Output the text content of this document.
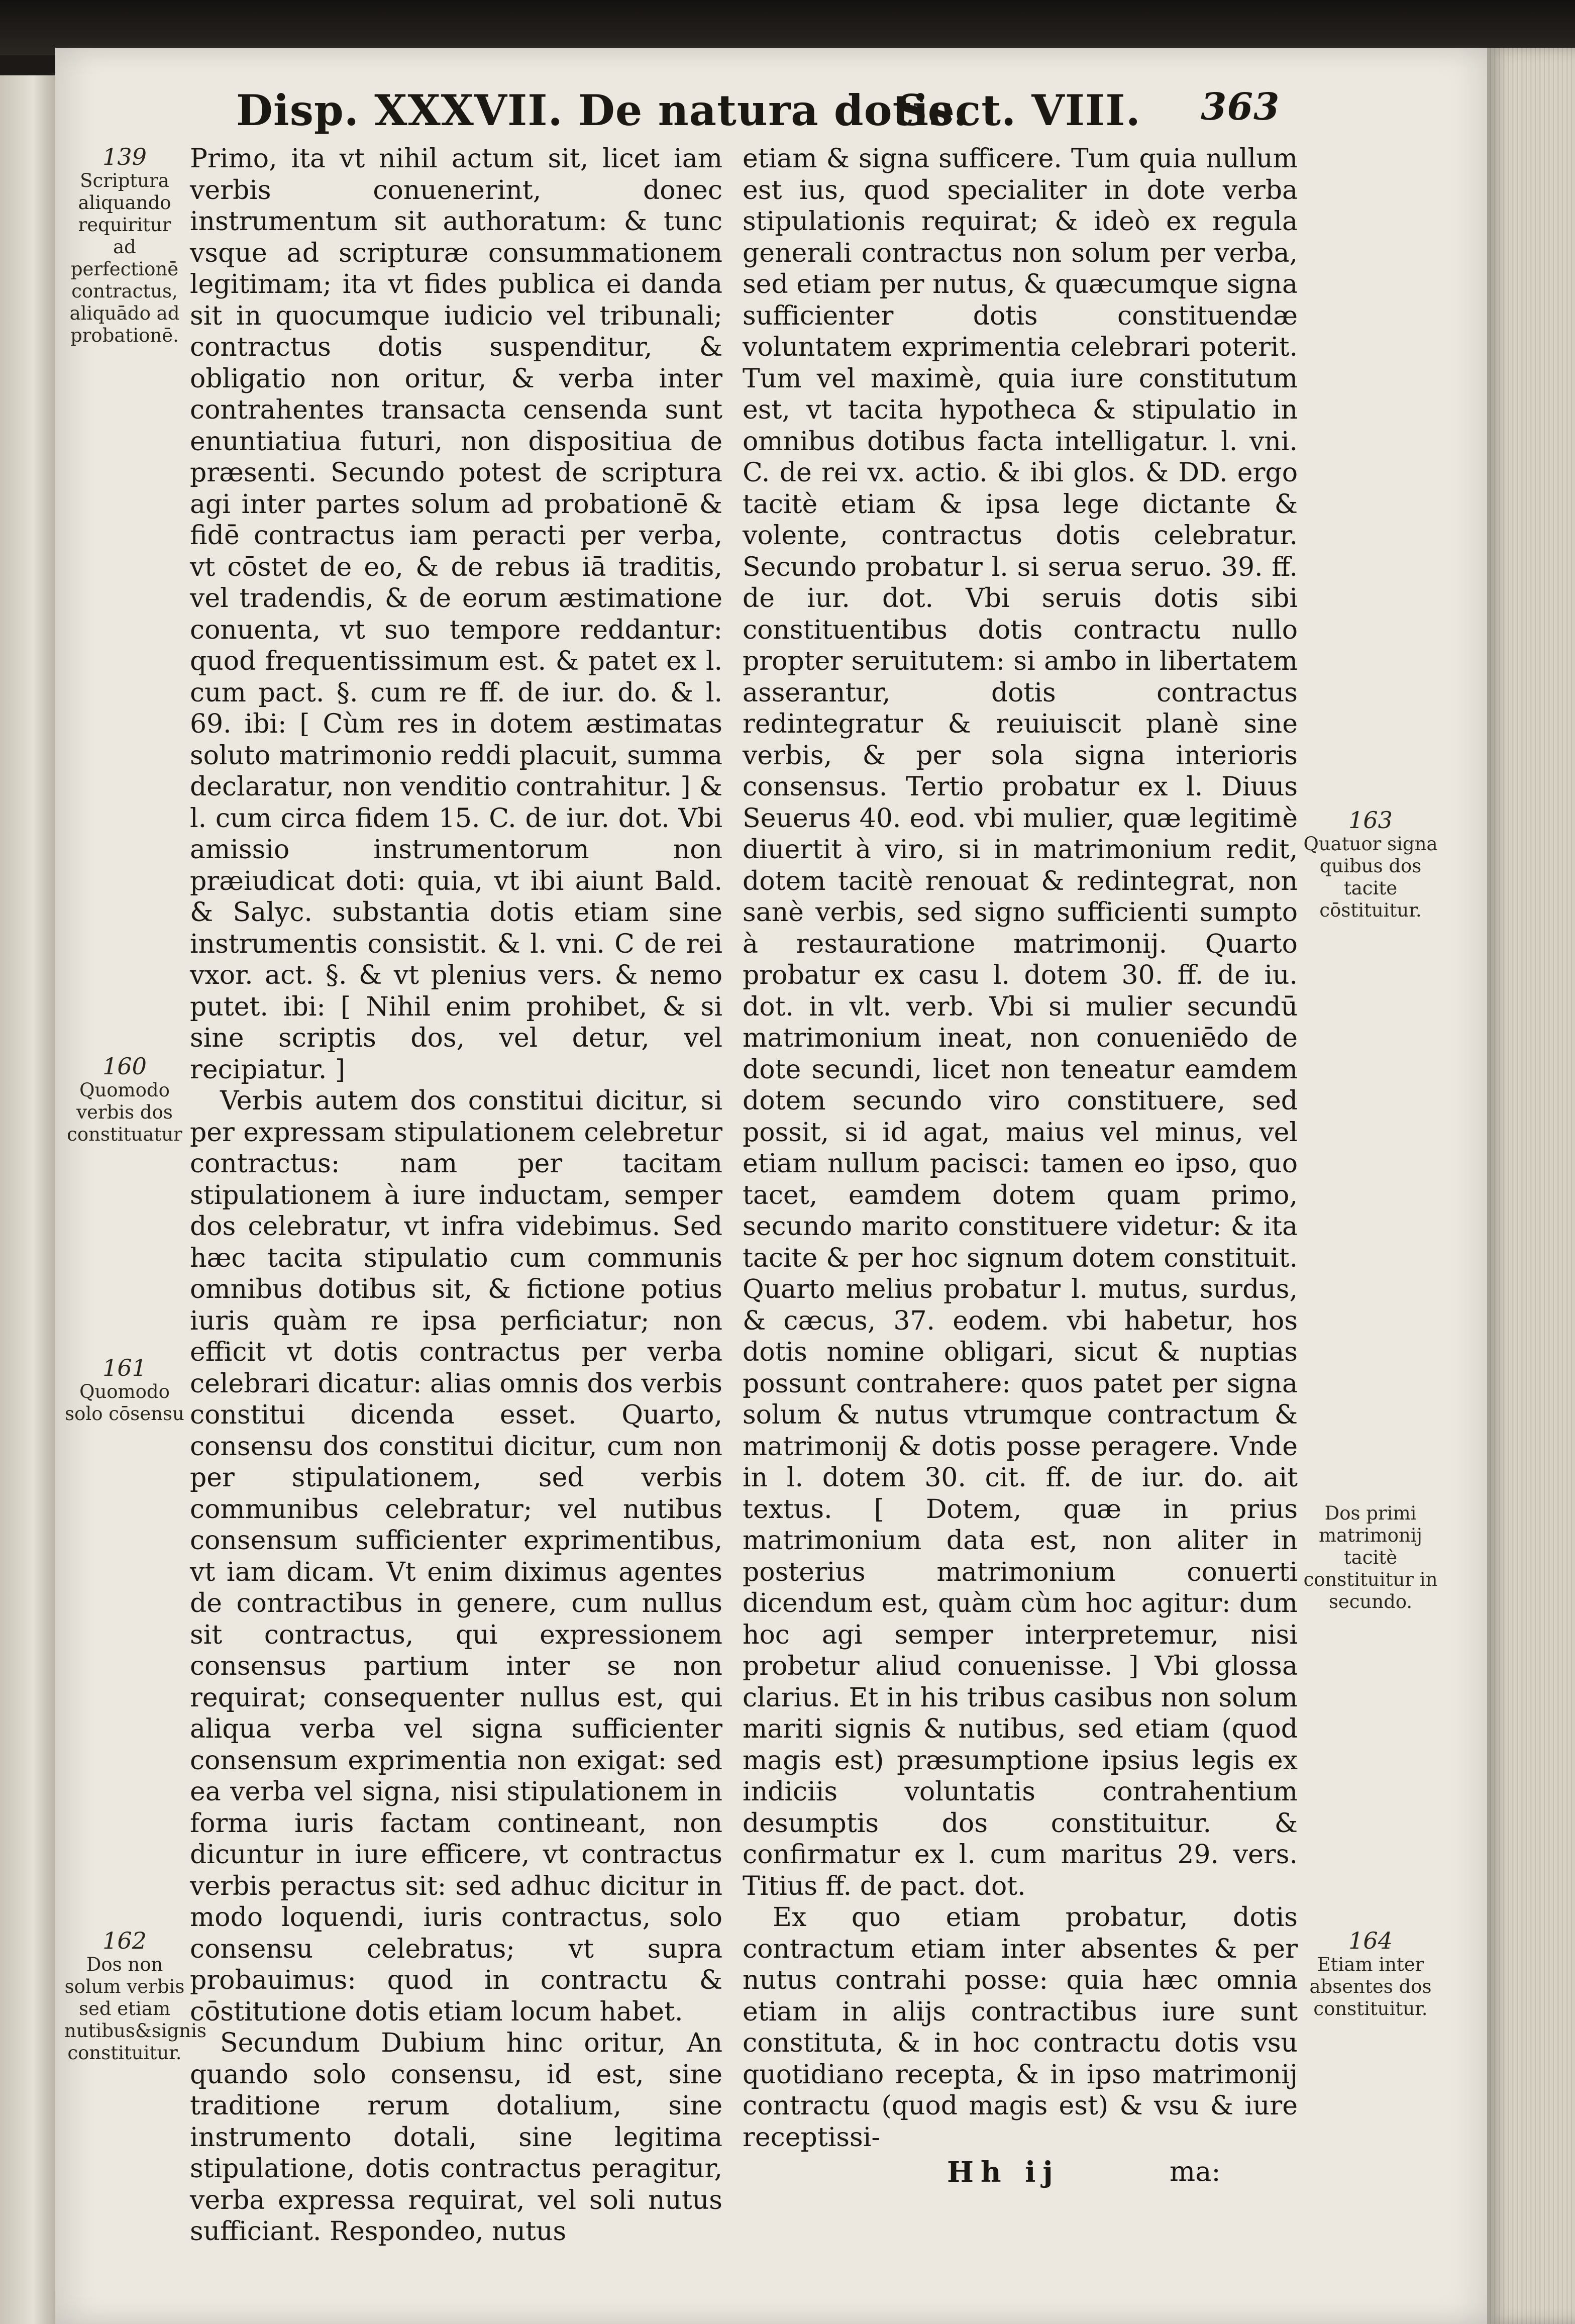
Disp. XXXVII. De natura dotis.
Sect. VIII. 363
139
Scriptura aliquando requiritur ad perfectionē contractus, aliquādo ad probationē.
160
Quomodo verbis dos constituatur
161
Quomodo solo cōsensu
162
Dos non solum verbis sed etiam nutibus&signis constituitur.
163
Quatuor signa quibus dos tacite cōstituitur.
Dos primi matrimonij tacitè constituitur in secundo.
164
Etiam inter absentes dos constituitur.

Primo, ita vt nihil actum sit, licet iam verbis conuenerint, donec instrumentum sit authoratum: & tunc vsque ad scripturæ consummationem legitimam; ita vt fides publica ei danda sit in quocumque iudicio vel tribunali; contractus dotis suspenditur, & obligatio non oritur, & verba inter contrahentes transacta censenda sunt enuntiatiua futuri, non dispositiua de præsenti. Secundo potest de scriptura agi inter partes solum ad probationē & fidē contractus iam peracti per verba, vt cōstet de eo, & de rebus iā traditis, vel tradendis, & de eorum æstimatione conuenta, vt suo tempore reddantur: quod frequentissimum est. & patet ex l. cum pact. §. cum re ff. de iur. do. & l. 69. ibi: [ Cùm res in dotem æstimatas soluto matrimonio reddi placuit, summa declaratur, non venditio contrahitur. ] & l. cum circa fidem 15. C. de iur. dot. Vbi amissio instrumentorum non præiudicat doti: quia, vt ibi aiunt Bald. & Salyc. substantia dotis etiam sine instrumentis consistit. & l. vni. C de rei vxor. act. §. & vt plenius vers. & nemo putet. ibi: [ Nihil enim prohibet, & si sine scriptis dos, vel detur, vel recipiatur. ]

Verbis autem dos constitui dicitur, si per expressam stipulationem celebretur contractus: nam per tacitam stipulationem à iure inductam, semper dos celebratur, vt infra videbimus. Sed hæc tacita stipulatio cum communis omnibus dotibus sit, & fictione potius iuris quàm re ipsa perficiatur; non efficit vt dotis contractus per verba celebrari dicatur: alias omnis dos verbis constitui dicenda esset. Quarto, consensu dos constitui dicitur, cum non per stipulationem, sed verbis communibus celebratur; vel nutibus consensum sufficienter exprimentibus, vt iam dicam. Vt enim diximus agentes de contractibus in genere, cum nullus sit contractus, qui expressionem consensus partium inter se non requirat; consequenter nullus est, qui aliqua verba vel signa sufficienter consensum exprimentia non exigat: sed ea verba vel signa, nisi stipulationem in forma iuris factam contineant, non dicuntur in iure efficere, vt contractus verbis peractus sit: sed adhuc dicitur in modo loquendi, iuris contractus, solo consensu celebratus; vt supra probauimus: quod in contractu & cōstitutione dotis etiam locum habet.

Secundum Dubium hinc oritur, An quando solo consensu, id est, sine traditione rerum dotalium, sine instrumento dotali, sine legitima stipulatione, dotis contractus peragitur, verba expressa requirat, vel soli nutus sufficiant. Respondeo, nutus

etiam & signa sufficere. Tum quia nullum est ius, quod specialiter in dote verba stipulationis requirat; & ideò ex regula generali contractus non solum per verba, sed etiam per nutus, & quæcumque signa sufficienter dotis constituendæ voluntatem exprimentia celebrari poterit. Tum vel maximè, quia iure constitutum est, vt tacita hypotheca & stipulatio in omnibus dotibus facta intelligatur. l. vni. C. de rei vx. actio. & ibi glos. & DD. ergo tacitè etiam & ipsa lege dictante & volente, contractus dotis celebratur. Secundo probatur l. si serua seruo. 39. ff. de iur. dot. Vbi seruis dotis sibi constituentibus dotis contractu nullo propter seruitutem: si ambo in libertatem asserantur, dotis contractus redintegratur & reuiuiscit planè sine verbis, & per sola signa interioris consensus. Tertio probatur ex l. Diuus Seuerus 40. eod. vbi mulier, quæ legitimè diuertit à viro, si in matrimonium redit, dotem tacitè renouat & redintegrat, non sanè verbis, sed signo sufficienti sumpto à restauratione matrimonij. Quarto probatur ex casu l. dotem 30. ff. de iu. dot. in vlt. verb. Vbi si mulier secundū matrimonium ineat, non conueniēdo de dote secundi, licet non teneatur eamdem dotem secundo viro constituere, sed possit, si id agat, maius vel minus, vel etiam nullum pacisci: tamen eo ipso, quo tacet, eamdem dotem quam primo, secundo marito constituere videtur: & ita tacite & per hoc signum dotem constituit. Quarto melius probatur l. mutus, surdus, & cæcus, 37. eodem. vbi habetur, hos dotis nomine obligari, sicut & nuptias possunt contrahere: quos patet per signa solum & nutus vtrumque contractum & matrimonij & dotis posse peragere. Vnde in l. dotem 30. cit. ff. de iur. do. ait textus. [ Dotem, quæ in prius matrimonium data est, non aliter in posterius matrimonium conuerti dicendum est, quàm cùm hoc agitur: dum hoc agi semper interpretemur, nisi probetur aliud conuenisse. ] Vbi glossa clarius. Et in his tribus casibus non solum mariti signis & nutibus, sed etiam (quod magis est) præsumptione ipsius legis ex indiciis voluntatis contrahentium desumptis dos constituitur. & confirmatur ex l. cum maritus 29. vers. Titius ff. de pact. dot.

Ex quo etiam probatur, dotis contractum etiam inter absentes & per nutus contrahi posse: quia hæc omnia etiam in alijs contractibus iure sunt constituta, & in hoc contractu dotis vsu quotidiano recepta, & in ipso matrimonij contractu (quod magis est) & vsu & iure receptissi-

Hh ij	ma:
